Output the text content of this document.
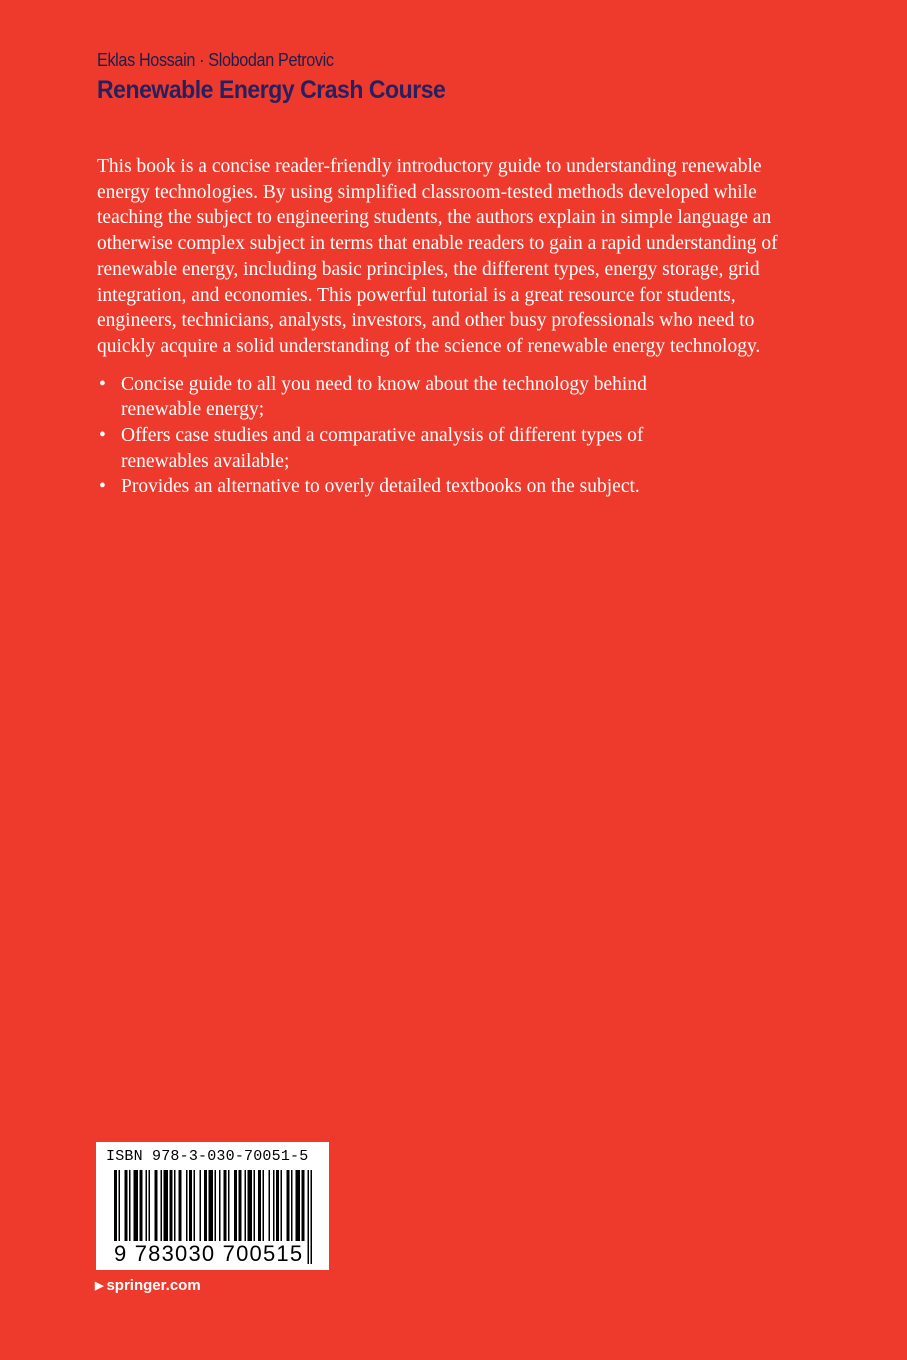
Eklas Hossain · Slobodan Petrovic
Renewable Energy Crash Course

This book is a concise reader-friendly introductory guide to understanding renewable energy technologies. By using simplified classroom-tested methods developed while teaching the subject to engineering students, the authors explain in simple language an otherwise complex subject in terms that enable readers to gain a rapid understanding of renewable energy, including basic principles, the different types, energy storage, grid integration, and economies. This powerful tutorial is a great resource for students, engineers, technicians, analysts, investors, and other busy professionals who need to quickly acquire a solid understanding of the science of renewable energy technology.

• Concise guide to all you need to know about the technology behind renewable energy;
• Offers case studies and a comparative analysis of different types of renewables available;
• Provides an alternative to overly detailed textbooks on the subject.
ISBN 978-3-030-70051-5
9 783030 700515
▶ springer.com
